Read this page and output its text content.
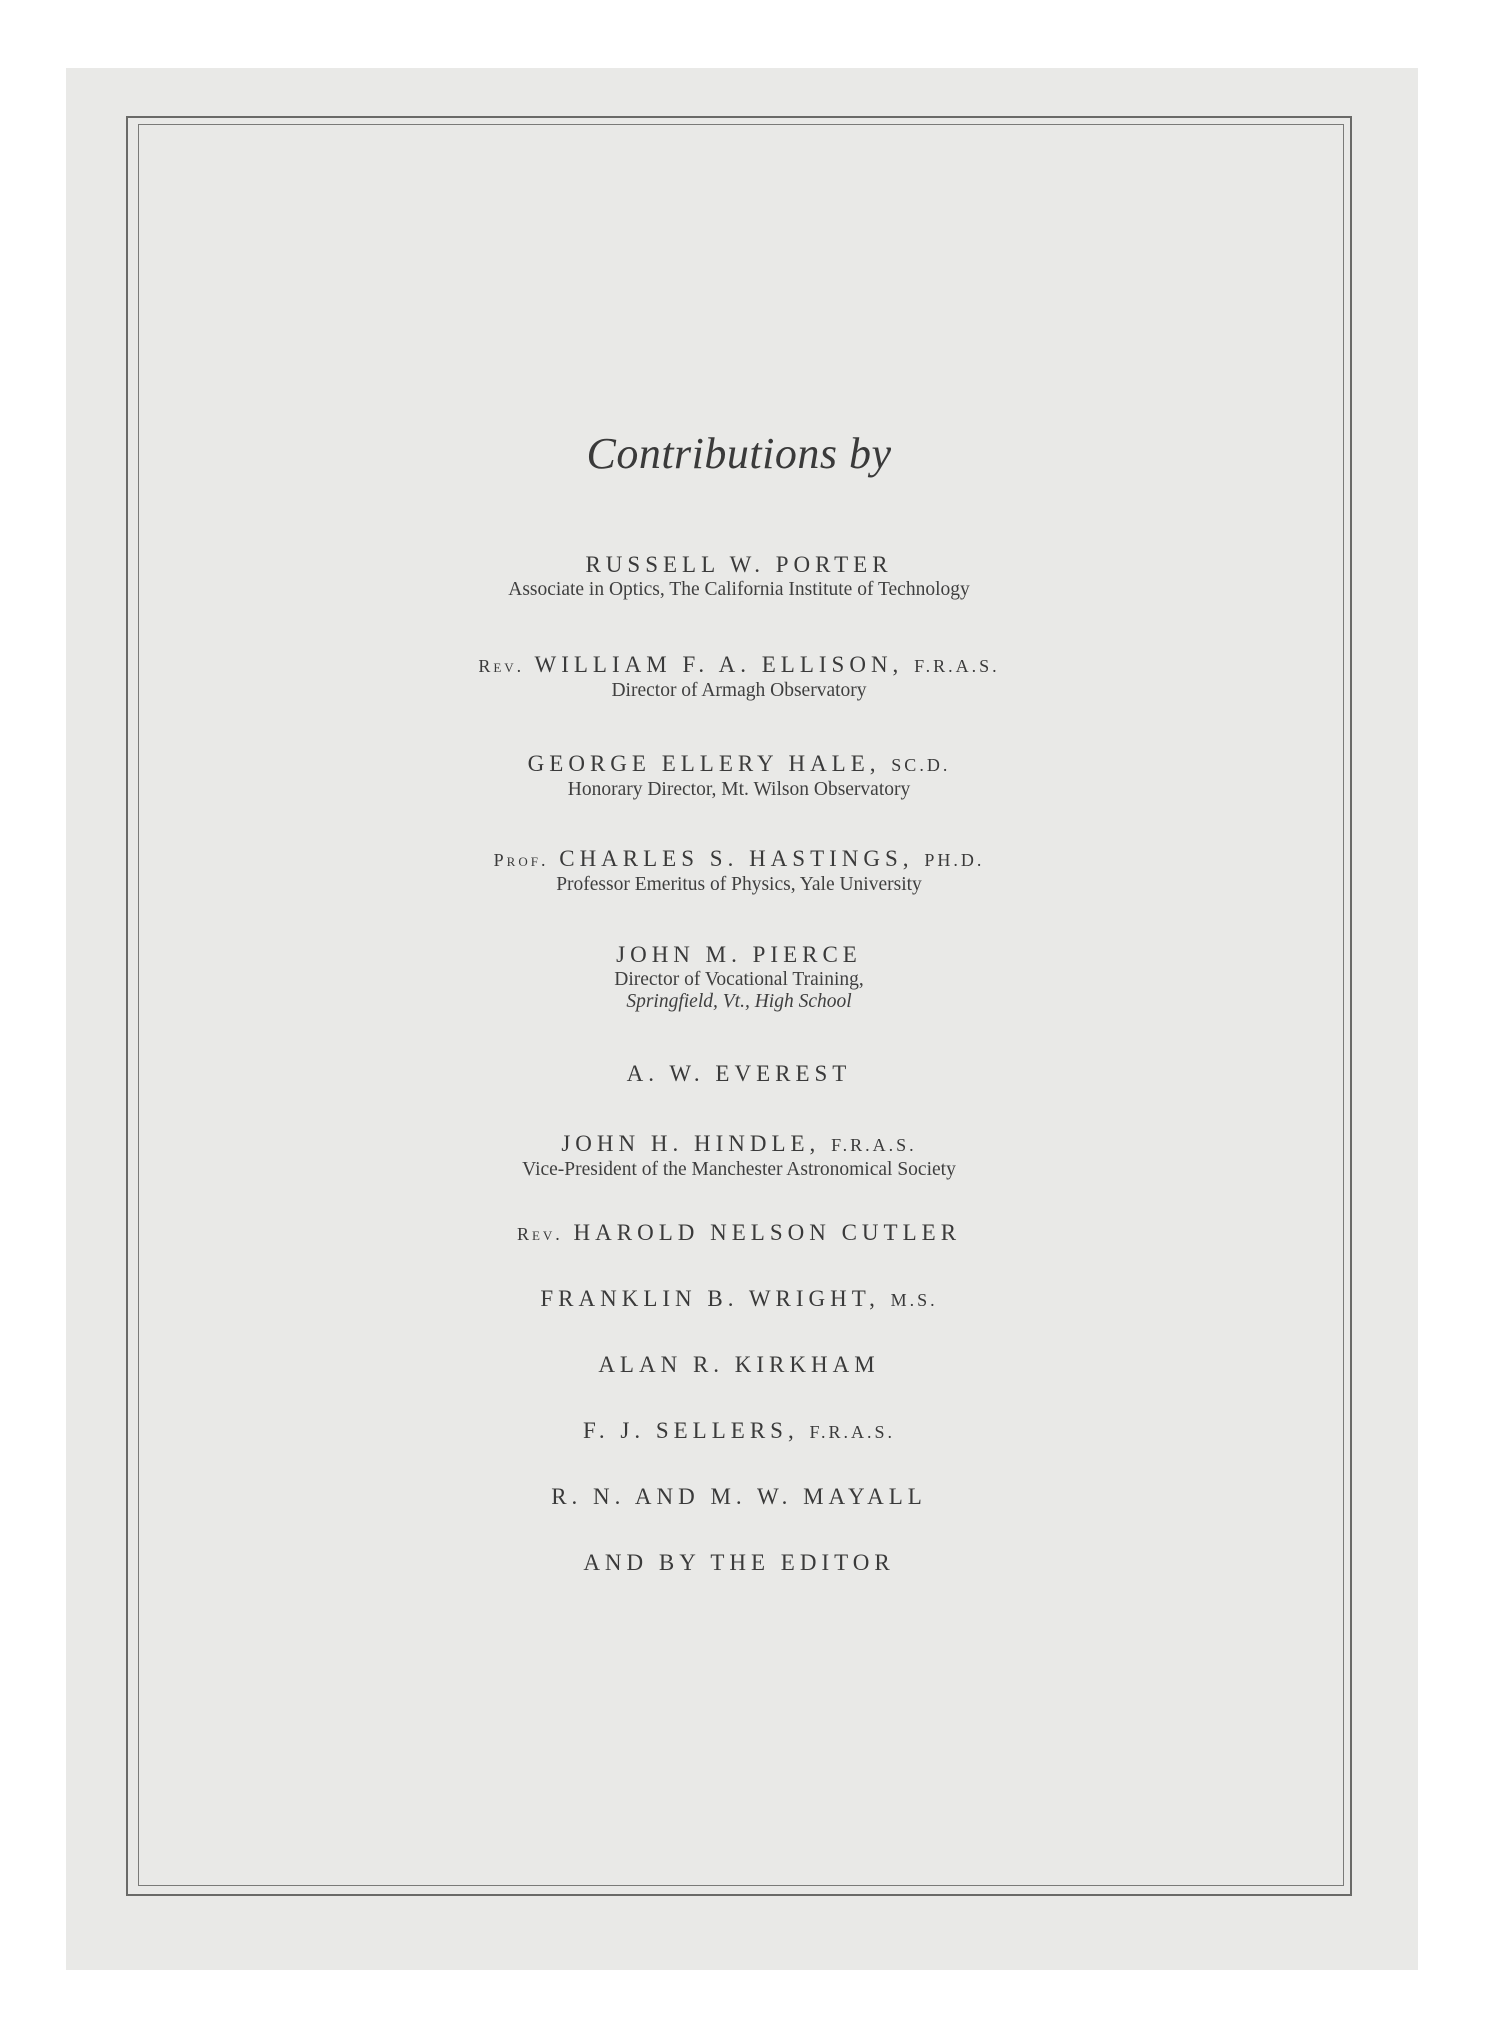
Contributions by
RUSSELL W. PORTER
Associate in Optics, The California Institute of Technology
Rev. WILLIAM F. A. ELLISON, F.R.A.S.
Director of Armagh Observatory
GEORGE ELLERY HALE, SC.D.
Honorary Director, Mt. Wilson Observatory
Prof. CHARLES S. HASTINGS, PH.D.
Professor Emeritus of Physics, Yale University
JOHN M. PIERCE
Director of Vocational Training,
Springfield, Vt., High School
A. W. EVEREST
JOHN H. HINDLE, F.R.A.S.
Vice-President of the Manchester Astronomical Society
Rev. HAROLD NELSON CUTLER
FRANKLIN B. WRIGHT, M.S.
ALAN R. KIRKHAM
F. J. SELLERS, F.R.A.S.
R. N. AND M. W. MAYALL
AND BY THE EDITOR
